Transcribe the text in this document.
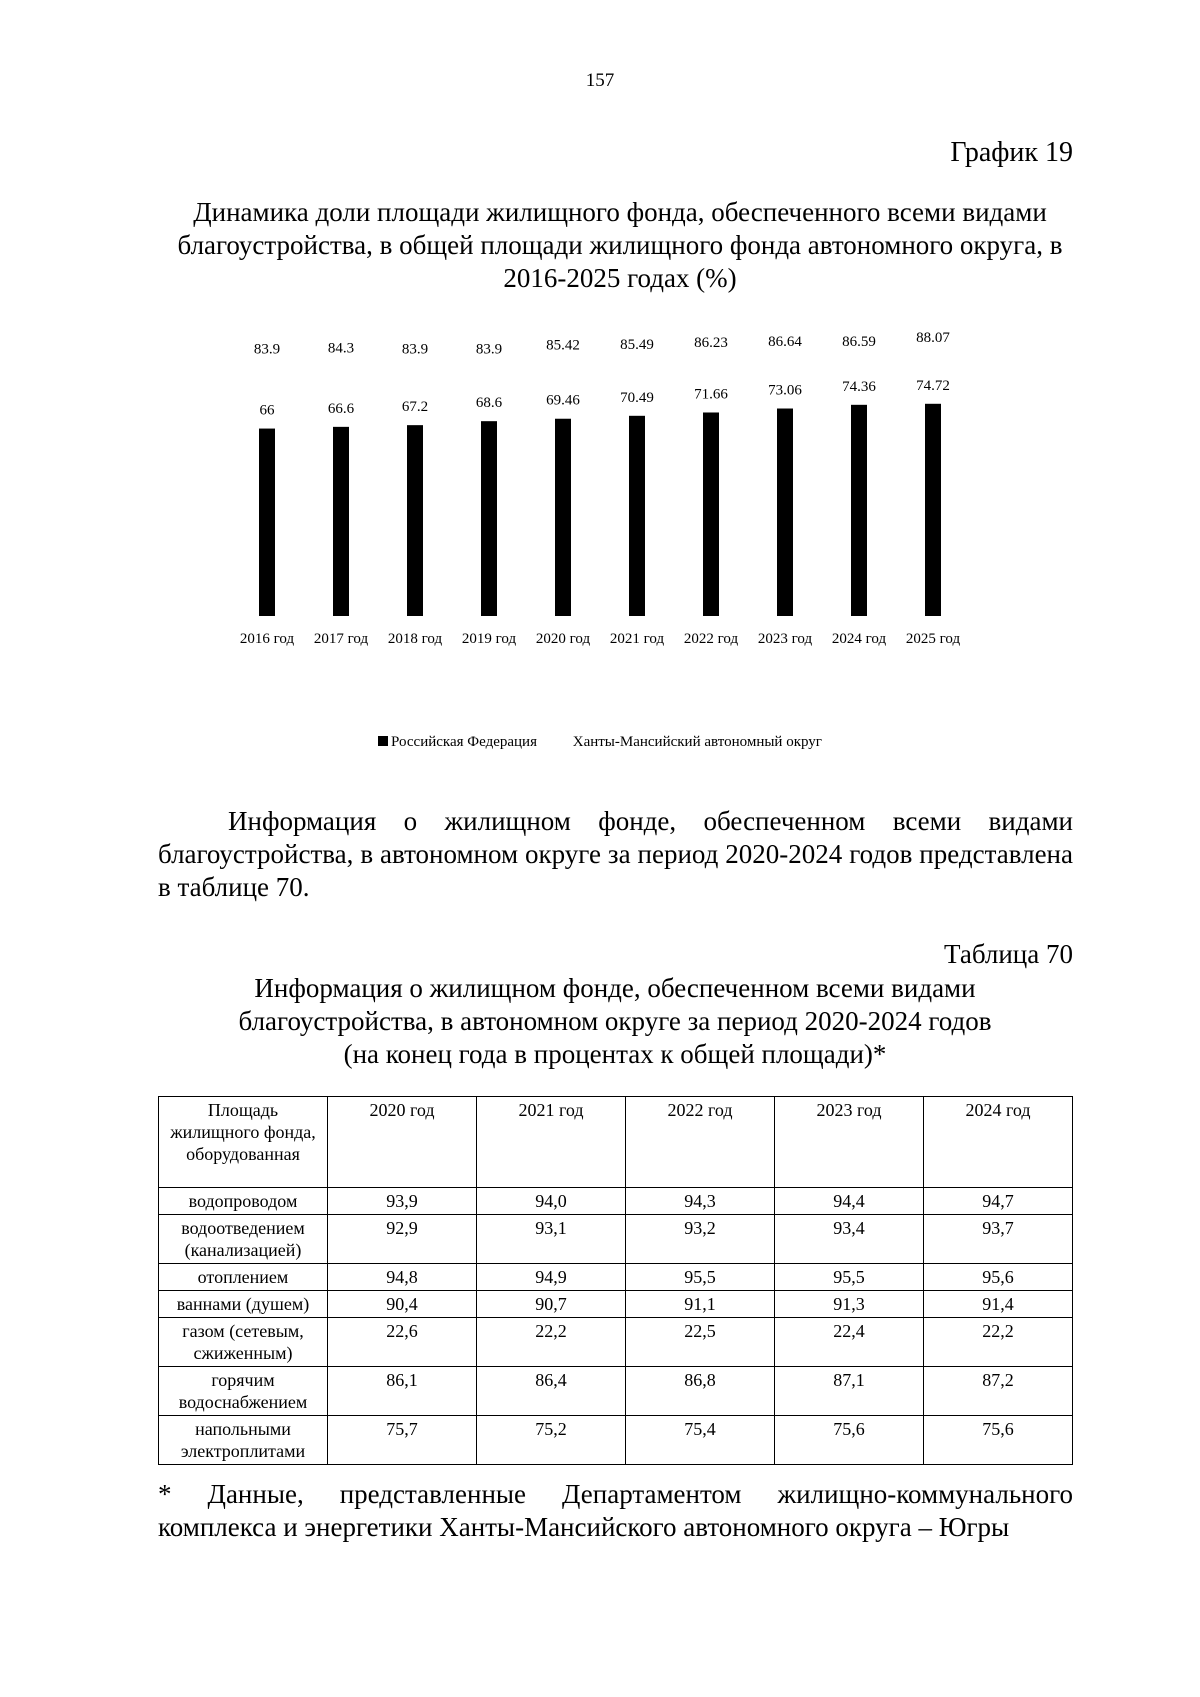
157
График 19
Динамика доли площади жилищного фонда, обеспеченного всеми видами благоустройства, в общей площади жилищного фонда автономного округа, в 2016-2025 годах (%)
66
83.9
2016 год
66.6
84.3
2017 год
67.2
83.9
2018 год
68.6
83.9
2019 год
69.46
85.42
2020 год
70.49
85.49
2021 год
71.66
86.23
2022 год
73.06
86.64
2023 год
74.36
86.59
2024 год
74.72
88.07
2025 год
Российская Федерация Ханты-Мансийский автономный округ
Информация о жилищном фонде, обеспеченном всеми видами благоустройства, в автономном округе за период 2020-2024 годов представлена в таблице 70.
Таблица 70
Информация о жилищном фонде, обеспеченном всеми видами
благоустройства, в автономном округе за период 2020-2024 годов
(на конец года в процентах к общей площади)*
Площадь жилищного фонда, оборудованная	2020 год	2021 год	2022 год	2023 год	2024 год
водопроводом	93,9	94,0	94,3	94,4	94,7
водоотведением (канализацией)	92,9	93,1	93,2	93,4	93,7
отоплением	94,8	94,9	95,5	95,5	95,6
ваннами (душем)	90,4	90,7	91,1	91,3	91,4
газом (сетевым, сжиженным)	22,6	22,2	22,5	22,4	22,2
горячим водоснабжением	86,1	86,4	86,8	87,1	87,2
напольными электроплитами	75,7	75,2	75,4	75,6	75,6
* Данные, представленные Департаментом жилищно-коммунального комплекса и энергетики Ханты-Мансийского автономного округа – Югры
